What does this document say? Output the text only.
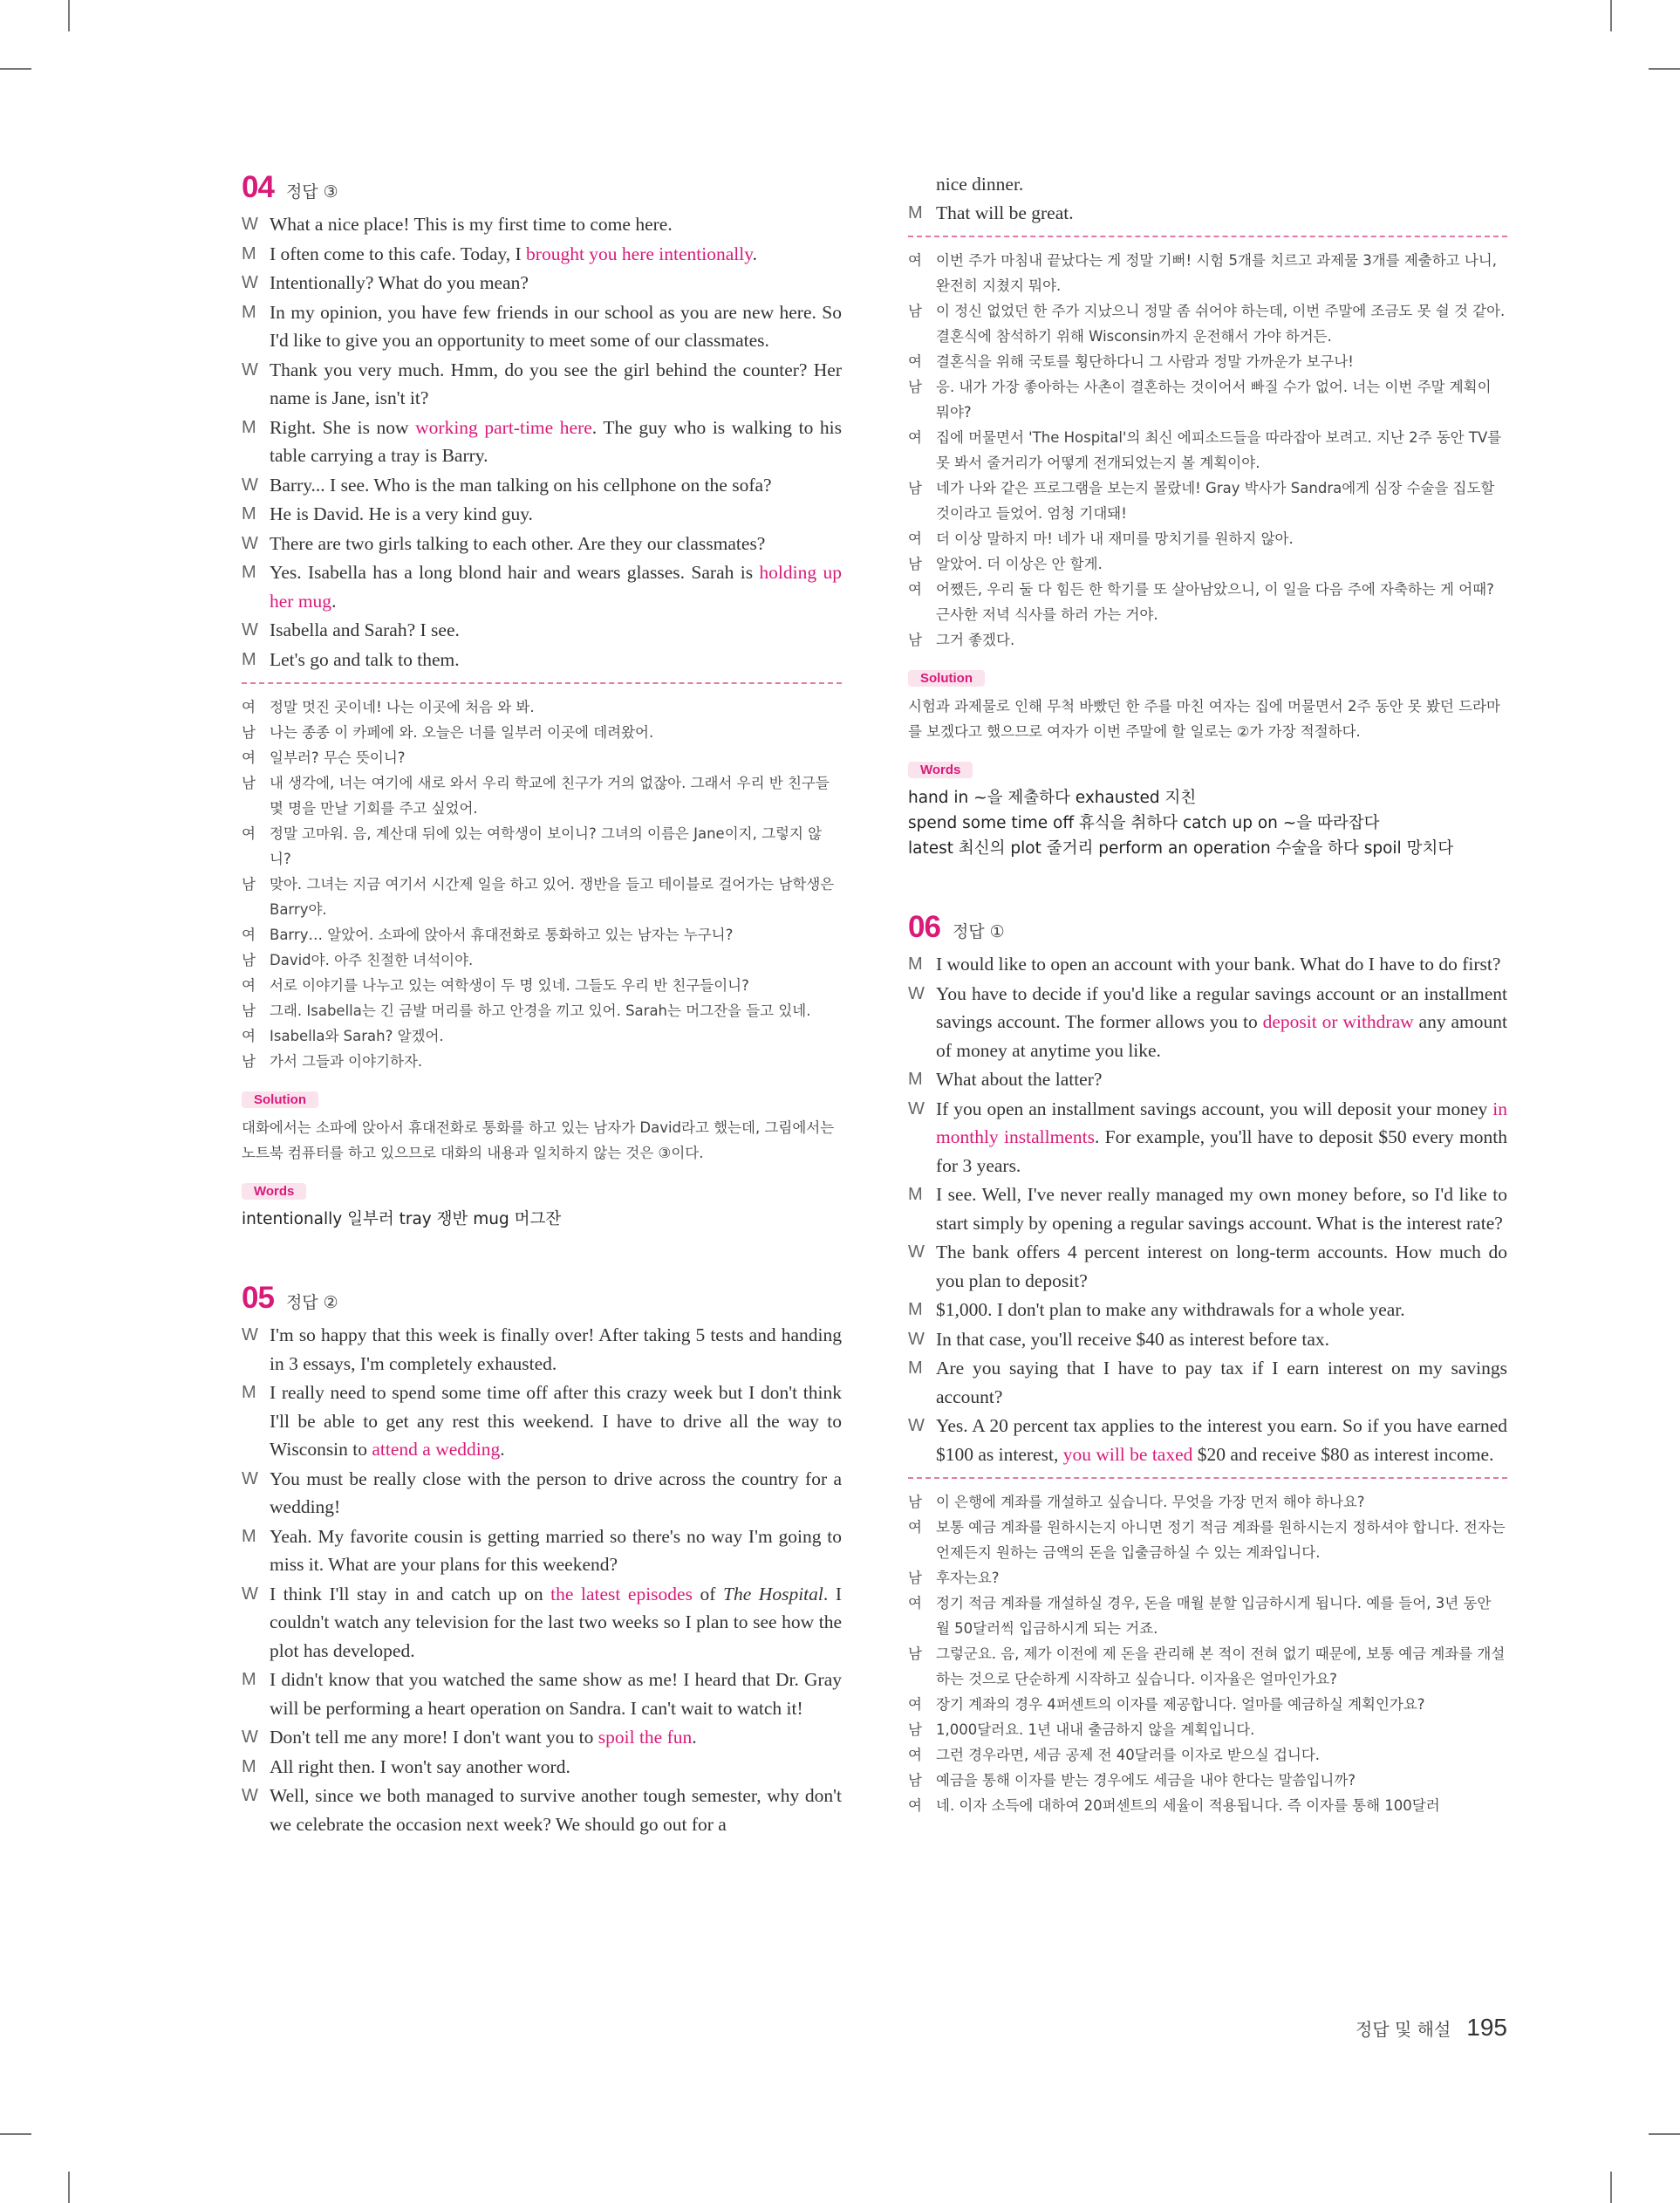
04 정답 ③
W What a nice place! This is my first time to come here.
M I often come to this cafe. Today, I brought you here intentionally.
W Intentionally? What do you mean?
M In my opinion, you have few friends in our school as you are new here. So I'd like to give you an opportunity to meet some of our classmates.
W Thank you very much. Hmm, do you see the girl behind the counter? Her name is Jane, isn't it?
M Right. She is now working part-time here. The guy who is walking to his table carrying a tray is Barry.
W Barry... I see. Who is the man talking on his cellphone on the sofa?
M He is David. He is a very kind guy.
W There are two girls talking to each other. Are they our classmates?
M Yes. Isabella has a long blond hair and wears glasses. Sarah is holding up her mug.
W Isabella and Sarah? I see.
M Let's go and talk to them.
여 정말 멋진 곳이네! 나는 이곳에 처음 와 봐.
남 나는 종종 이 카페에 와. 오늘은 너를 일부러 이곳에 데려왔어.
여 일부러? 무슨 뜻이니?
남 내 생각에, 너는 여기에 새로 와서 우리 학교에 친구가 거의 없잖아. 그래서 우리 반 친구들 몇 명을 만날 기회를 주고 싶었어.
여 정말 고마워. 음, 계산대 뒤에 있는 여학생이 보이니? 그녀의 이름은 Jane이지, 그렇지 않니?
남 맞아. 그녀는 지금 여기서 시간제 일을 하고 있어. 쟁반을 들고 테이블로 걸어가는 남학생은 Barry야.
여 Barry… 알았어. 소파에 앉아서 휴대전화로 통화하고 있는 남자는 누구니?
남 David야. 아주 친절한 녀석이야.
여 서로 이야기를 나누고 있는 여학생이 두 명 있네. 그들도 우리 반 친구들이니?
남 그래. Isabella는 긴 금발 머리를 하고 안경을 끼고 있어. Sarah는 머그잔을 들고 있네.
여 Isabella와 Sarah? 알겠어.
남 가서 그들과 이야기하자.
Solution
대화에서는 소파에 앉아서 휴대전화로 통화를 하고 있는 남자가 David라고 했는데, 그림에서는 노트북 컴퓨터를 하고 있으므로 대화의 내용과 일치하지 않는 것은 ③이다.
Words
intentionally 일부러 tray 쟁반 mug 머그잔
05 정답 ②
W I'm so happy that this week is finally over! After taking 5 tests and handing in 3 essays, I'm completely exhausted.
M I really need to spend some time off after this crazy week but I don't think I'll be able to get any rest this weekend. I have to drive all the way to Wisconsin to attend a wedding.
W You must be really close with the person to drive across the country for a wedding!
M Yeah. My favorite cousin is getting married so there's no way I'm going to miss it. What are your plans for this weekend?
W I think I'll stay in and catch up on the latest episodes of The Hospital. I couldn't watch any television for the last two weeks so I plan to see how the plot has developed.
M I didn't know that you watched the same show as me! I heard that Dr. Gray will be performing a heart operation on Sandra. I can't wait to watch it!
W Don't tell me any more! I don't want you to spoil the fun.
M All right then. I won't say another word.
W Well, since we both managed to survive another tough semester, why don't we celebrate the occasion next week? We should go out for a
nice dinner.
M That will be great.
여 이번 주가 마침내 끝났다는 게 정말 기뻐! 시험 5개를 치르고 과제물 3개를 제출하고 나니, 완전히 지쳤지 뭐야.
남 이 정신 없었던 한 주가 지났으니 정말 좀 쉬어야 하는데, 이번 주말에 조금도 못 쉴 것 같아. 결혼식에 참석하기 위해 Wisconsin까지 운전해서 가야 하거든.
여 결혼식을 위해 국토를 횡단하다니 그 사람과 정말 가까운가 보구나!
남 응. 내가 가장 좋아하는 사촌이 결혼하는 것이어서 빠질 수가 없어. 너는 이번 주말 계획이 뭐야?
여 집에 머물면서 'The Hospital'의 최신 에피소드들을 따라잡아 보려고. 지난 2주 동안 TV를 못 봐서 줄거리가 어떻게 전개되었는지 볼 계획이야.
남 네가 나와 같은 프로그램을 보는지 몰랐네! Gray 박사가 Sandra에게 심장 수술을 집도할 것이라고 들었어. 엄청 기대돼!
여 더 이상 말하지 마! 네가 내 재미를 망치기를 원하지 않아.
남 알았어. 더 이상은 안 할게.
여 어쨌든, 우리 둘 다 힘든 한 학기를 또 살아남았으니, 이 일을 다음 주에 자축하는 게 어때? 근사한 저녁 식사를 하러 가는 거야.
남 그거 좋겠다.
Solution
시험과 과제물로 인해 무척 바빴던 한 주를 마친 여자는 집에 머물면서 2주 동안 못 봤던 드라마를 보겠다고 했으므로 여자가 이번 주말에 할 일로는 ②가 가장 적절하다.
Words
hand in ~을 제출하다 exhausted 지친
spend some time off 휴식을 취하다 catch up on ~을 따라잡다
latest 최신의 plot 줄거리 perform an operation 수술을 하다 spoil 망치다
06 정답 ①
M I would like to open an account with your bank. What do I have to do first?
W You have to decide if you'd like a regular savings account or an installment savings account. The former allows you to deposit or withdraw any amount of money at anytime you like.
M What about the latter?
W If you open an installment savings account, you will deposit your money in monthly installments. For example, you'll have to deposit $50 every month for 3 years.
M I see. Well, I've never really managed my own money before, so I'd like to start simply by opening a regular savings account. What is the interest rate?
W The bank offers 4 percent interest on long-term accounts. How much do you plan to deposit?
M $1,000. I don't plan to make any withdrawals for a whole year.
W In that case, you'll receive $40 as interest before tax.
M Are you saying that I have to pay tax if I earn interest on my savings account?
W Yes. A 20 percent tax applies to the interest you earn. So if you have earned $100 as interest, you will be taxed $20 and receive $80 as interest income.
남 이 은행에 계좌를 개설하고 싶습니다. 무엇을 가장 먼저 해야 하나요?
여 보통 예금 계좌를 원하시는지 아니면 정기 적금 계좌를 원하시는지 정하셔야 합니다. 전자는 언제든지 원하는 금액의 돈을 입출금하실 수 있는 계좌입니다.
남 후자는요?
여 정기 적금 계좌를 개설하실 경우, 돈을 매월 분할 입금하시게 됩니다. 예를 들어, 3년 동안 월 50달러씩 입금하시게 되는 거죠.
남 그렇군요. 음, 제가 이전에 제 돈을 관리해 본 적이 전혀 없기 때문에, 보통 예금 계좌를 개설하는 것으로 단순하게 시작하고 싶습니다. 이자율은 얼마인가요?
여 장기 계좌의 경우 4퍼센트의 이자를 제공합니다. 얼마를 예금하실 계획인가요?
남 1,000달러요. 1년 내내 출금하지 않을 계획입니다.
여 그런 경우라면, 세금 공제 전 40달러를 이자로 받으실 겁니다.
남 예금을 통해 이자를 받는 경우에도 세금을 내야 한다는 말씀입니까?
여 네. 이자 소득에 대하여 20퍼센트의 세율이 적용됩니다. 즉 이자를 통해 100달러
정답 및 해설 195
